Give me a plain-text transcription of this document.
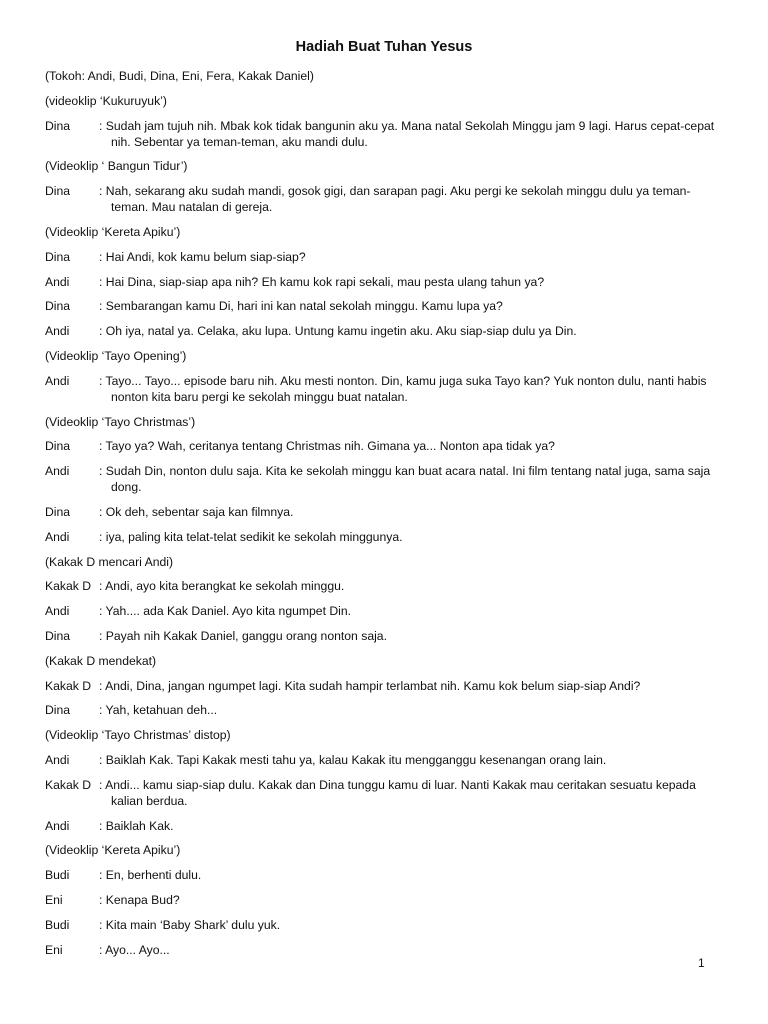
Hadiah Buat Tuhan Yesus
(Tokoh: Andi, Budi, Dina, Eni, Fera, Kakak Daniel)
(videoklip ‘Kukuruyuk’)
Dina	: Sudah jam tujuh nih. Mbak kok tidak bangunin aku ya. Mana natal Sekolah Minggu jam 9 lagi. Harus cepat-cepat nih. Sebentar ya teman-teman, aku mandi dulu.
(Videoklip ‘ Bangun Tidur’)
Dina	: Nah, sekarang aku sudah mandi, gosok gigi, dan sarapan pagi. Aku pergi ke sekolah minggu dulu ya teman-teman. Mau natalan di gereja.
(Videoklip ‘Kereta Apiku’)
Dina	: Hai Andi, kok kamu belum siap-siap?
Andi	: Hai Dina, siap-siap apa nih? Eh kamu kok rapi sekali, mau pesta ulang tahun ya?
Dina	: Sembarangan kamu Di, hari ini kan natal sekolah minggu. Kamu lupa ya?
Andi	: Oh iya, natal ya. Celaka, aku lupa. Untung kamu ingetin aku. Aku siap-siap dulu ya Din.
(Videoklip ‘Tayo Opening’)
Andi	: Tayo... Tayo... episode baru nih. Aku mesti nonton. Din, kamu juga suka Tayo kan? Yuk nonton dulu, nanti habis nonton kita baru pergi ke sekolah minggu buat natalan.
(Videoklip ‘Tayo Christmas’)
Dina	: Tayo ya? Wah, ceritanya tentang Christmas nih. Gimana ya... Nonton apa tidak ya?
Andi	: Sudah Din, nonton dulu saja. Kita ke sekolah minggu kan buat acara natal. Ini film tentang natal juga, sama saja dong.
Dina	: Ok deh, sebentar saja kan filmnya.
Andi	: iya, paling kita telat-telat sedikit ke sekolah minggunya.
(Kakak D mencari Andi)
Kakak D : Andi, ayo kita berangkat ke sekolah minggu.
Andi	: Yah.... ada Kak Daniel. Ayo kita ngumpet Din.
Dina	: Payah nih Kakak Daniel, ganggu orang nonton saja.
(Kakak D mendekat)
Kakak D : Andi, Dina, jangan ngumpet lagi. Kita sudah hampir terlambat nih. Kamu kok belum siap-siap Andi?
Dina	: Yah, ketahuan deh...
(Videoklip ‘Tayo Christmas’ distop)
Andi	: Baiklah Kak. Tapi Kakak mesti tahu ya, kalau Kakak itu mengganggu kesenangan orang lain.
Kakak D : Andi... kamu siap-siap dulu. Kakak dan Dina tunggu kamu di luar. Nanti Kakak mau ceritakan sesuatu kepada kalian berdua.
Andi	: Baiklah Kak.
(Videoklip ‘Kereta Apiku’)
Budi	: En, berhenti dulu.
Eni	: Kenapa Bud?
Budi	: Kita main ‘Baby Shark’ dulu yuk.
Eni	: Ayo... Ayo...
1
